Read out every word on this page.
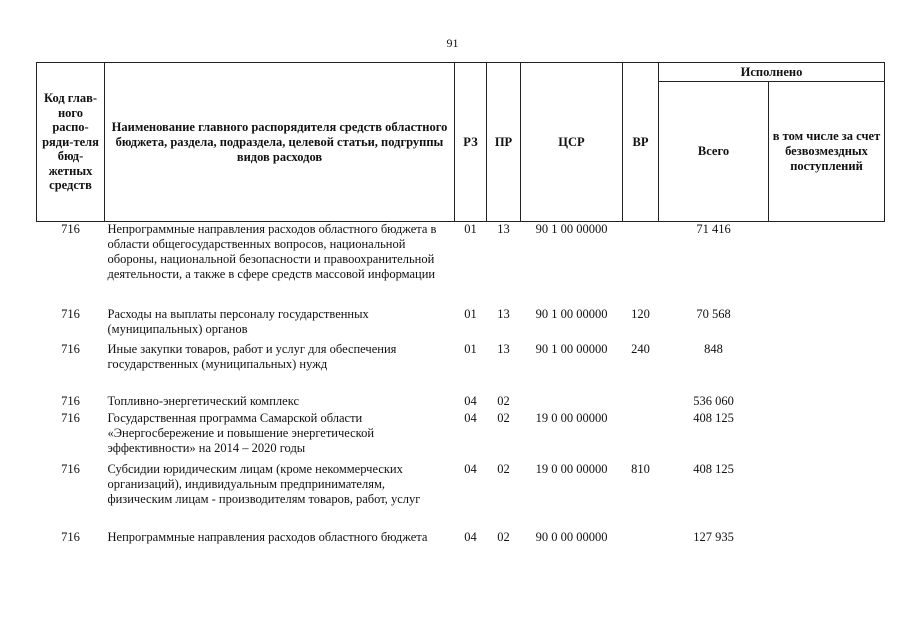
91
Код глав-ного распо-ряди-теля бюд-жетных средств	Наименование главного распорядителя средств областного бюджета, раздела, подраздела, целевой статьи, подгруппы видов расходов	РЗ	ПР	ЦСР	ВР	Исполнено	
						Всего	в том числе за счет безвозмездных поступлений
716	Непрограммные направления расходов областного бюджета в области общегосударственных вопросов, национальной обороны, национальной безопасности и правоохранительной деятельности, а также в сфере средств массовой информации	01	13	90 1 00 00000		71 416	
716	Расходы на выплаты персоналу государственных (муниципальных) органов	01	13	90 1 00 00000	120	70 568	
716	Иные закупки товаров, работ и услуг для обеспечения государственных (муниципальных) нужд	01	13	90 1 00 00000	240	848	
716	Топливно-энергетический комплекс	04	02			536 060	
716	Государственная программа Самарской области «Энергосбережение и повышение энергетической эффективности» на 2014 – 2020 годы	04	02	19 0 00 00000		408 125	
716	Субсидии юридическим лицам (кроме некоммерческих организаций), индивидуальным предпринимателям, физическим лицам - производителям товаров, работ, услуг	04	02	19 0 00 00000	810	408 125	
716	Непрограммные направления расходов областного бюджета	04	02	90 0 00 00000		127 935	
